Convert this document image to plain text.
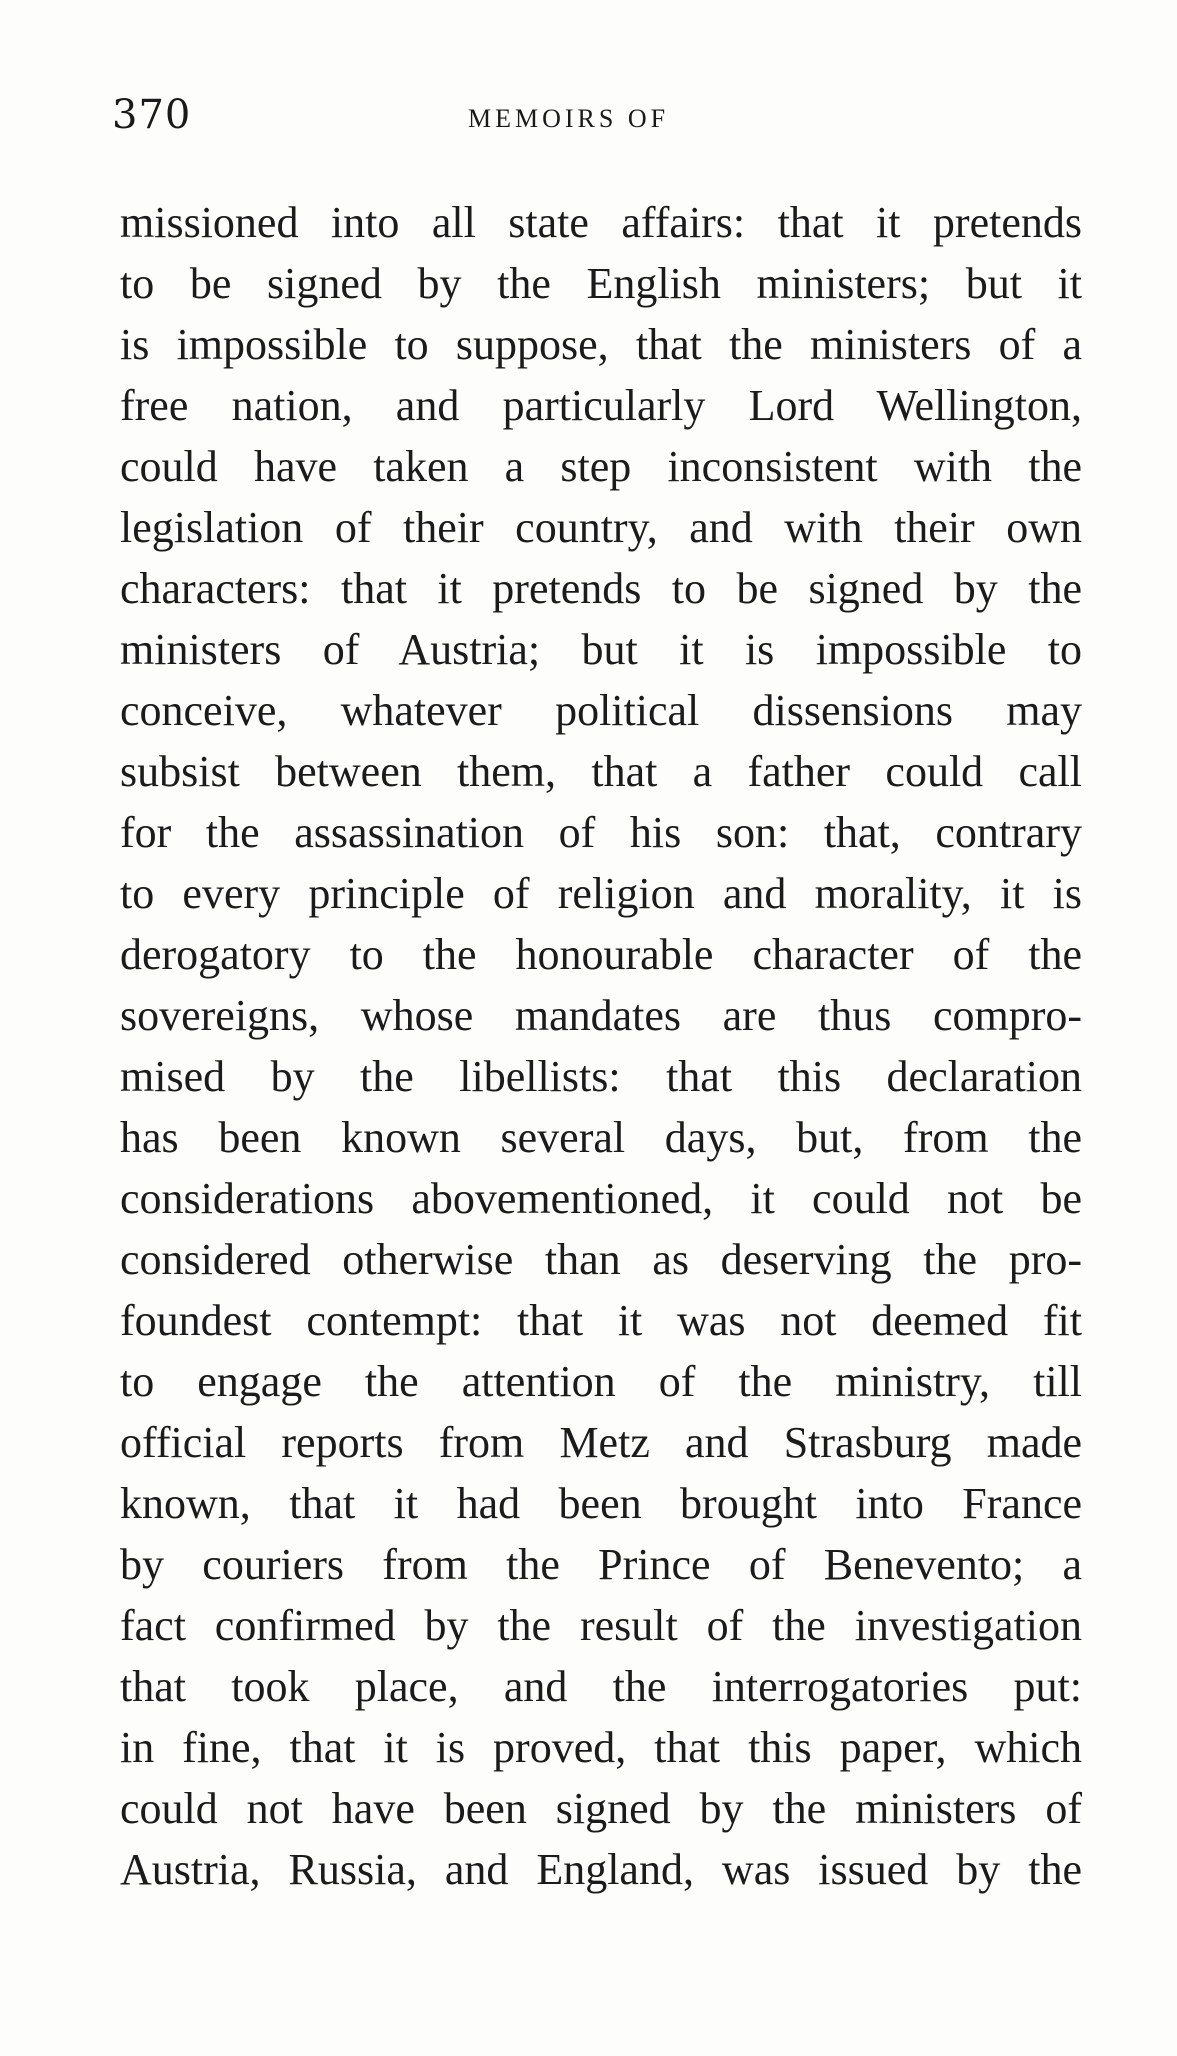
370	MEMOIRS OF
missioned into all state affairs: that it pretends
to be signed by the English ministers; but it
is impossible to suppose, that the ministers of a
free nation, and particularly Lord Wellington,
could have taken a step inconsistent with the
legislation of their country, and with their own
characters: that it pretends to be signed by the
ministers of Austria; but it is impossible to
conceive, whatever political dissensions may
subsist between them, that a father could call
for the assassination of his son: that, contrary
to every principle of religion and morality, it is
derogatory to the honourable character of the
sovereigns, whose mandates are thus compro-
mised by the libellists: that this declaration
has been known several days, but, from the
considerations abovementioned, it could not be
considered otherwise than as deserving the pro-
foundest contempt: that it was not deemed fit
to engage the attention of the ministry, till
official reports from Metz and Strasburg made
known, that it had been brought into France
by couriers from the Prince of Benevento; a
fact confirmed by the result of the investigation
that took place, and the interrogatories put:
in fine, that it is proved, that this paper, which
could not have been signed by the ministers of
Austria, Russia, and England, was issued by the
